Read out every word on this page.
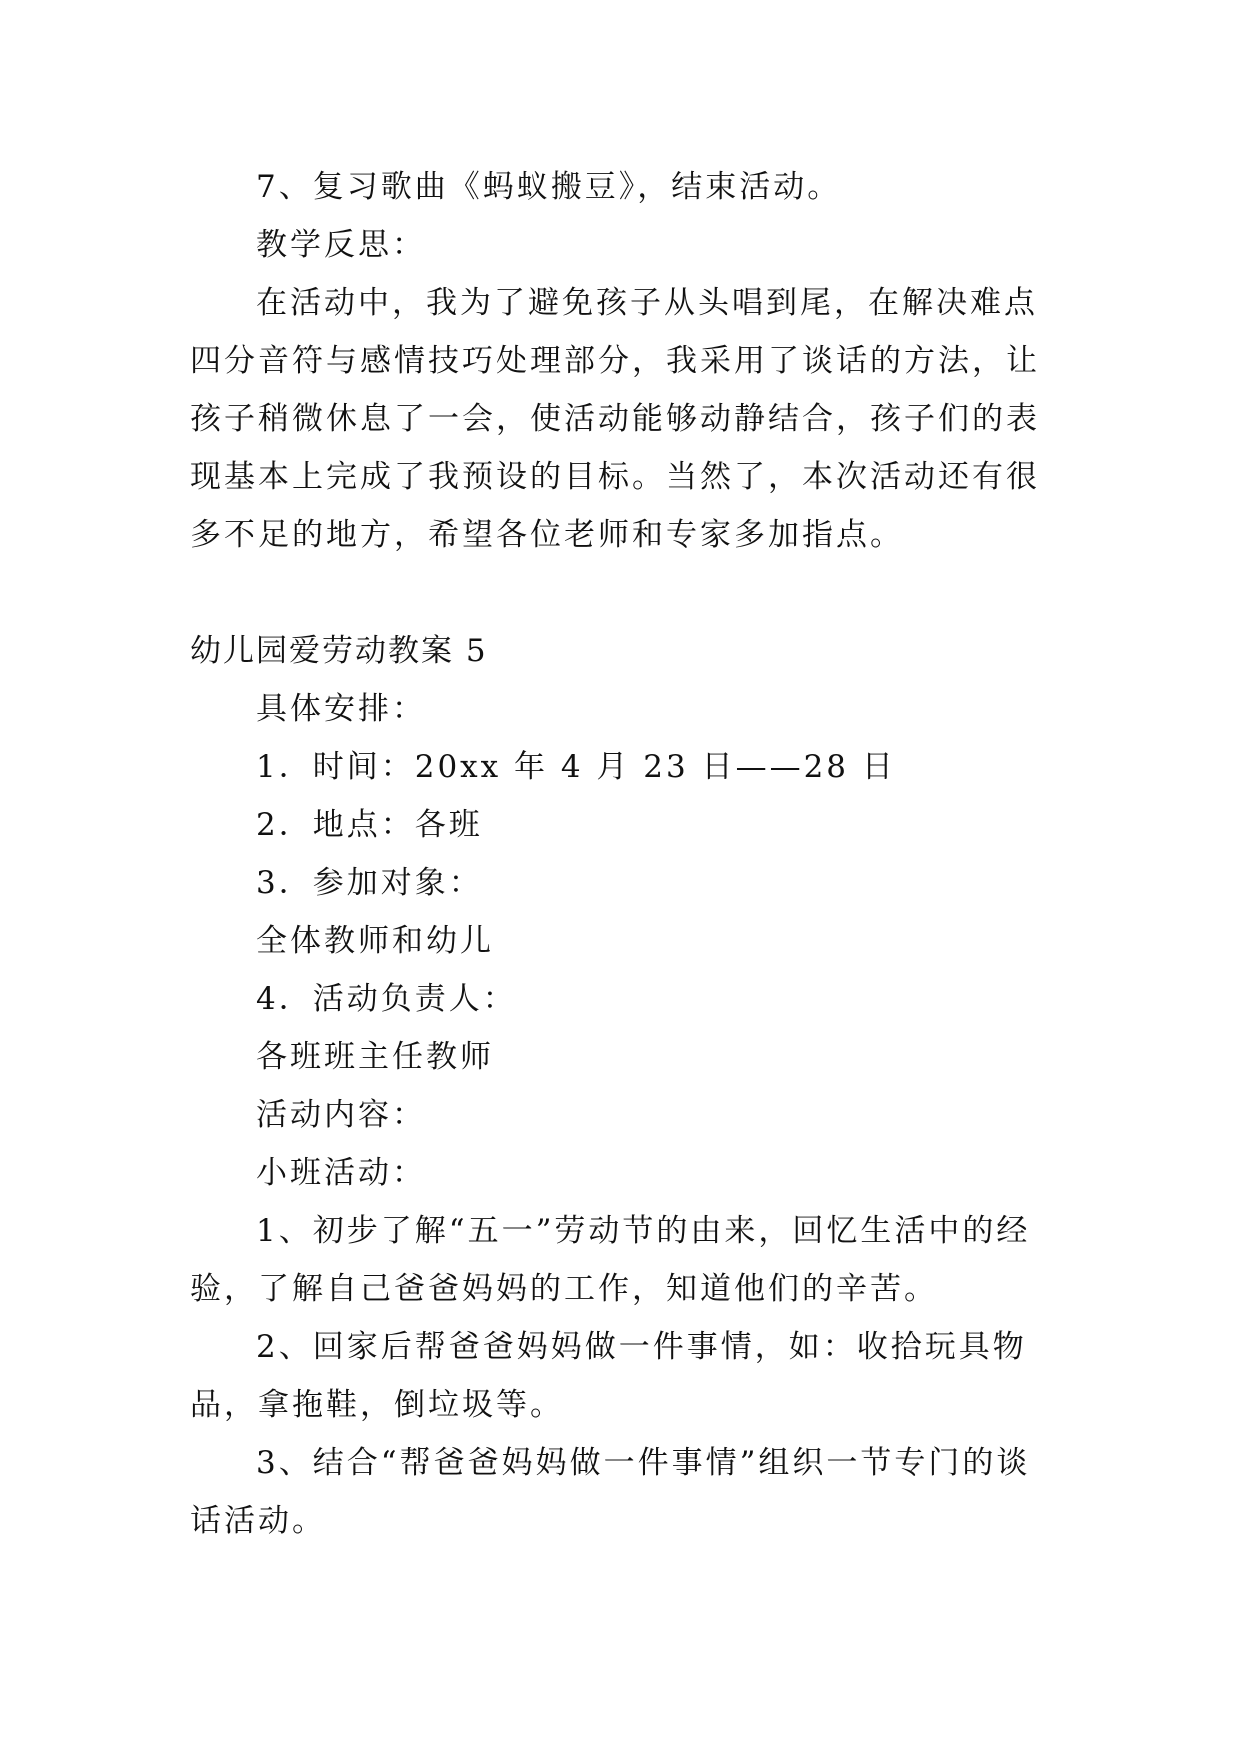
7、复习歌曲《蚂蚁搬豆》，结束活动。

教学反思：

在活动中，我为了避免孩子从头唱到尾，在解决难点四分音符与感情技巧处理部分，我采用了谈话的方法，让孩子稍微休息了一会，使活动能够动静结合，孩子们的表现基本上完成了我预设的目标。当然了，本次活动还有很多不足的地方，希望各位老师和专家多加指点。

幼儿园爱劳动教案 5

具体安排：

1．时间：20xx 年 4 月 23 日——28 日

2．地点：各班

3．参加对象：

全体教师和幼儿

4．活动负责人：

各班班主任教师

活动内容：

小班活动：

1、初步了解“五一”劳动节的由来，回忆生活中的经验，了解自己爸爸妈妈的工作，知道他们的辛苦。

2、回家后帮爸爸妈妈做一件事情，如：收拾玩具物品，拿拖鞋，倒垃圾等。

3、结合“帮爸爸妈妈做一件事情”组织一节专门的谈话活动。
